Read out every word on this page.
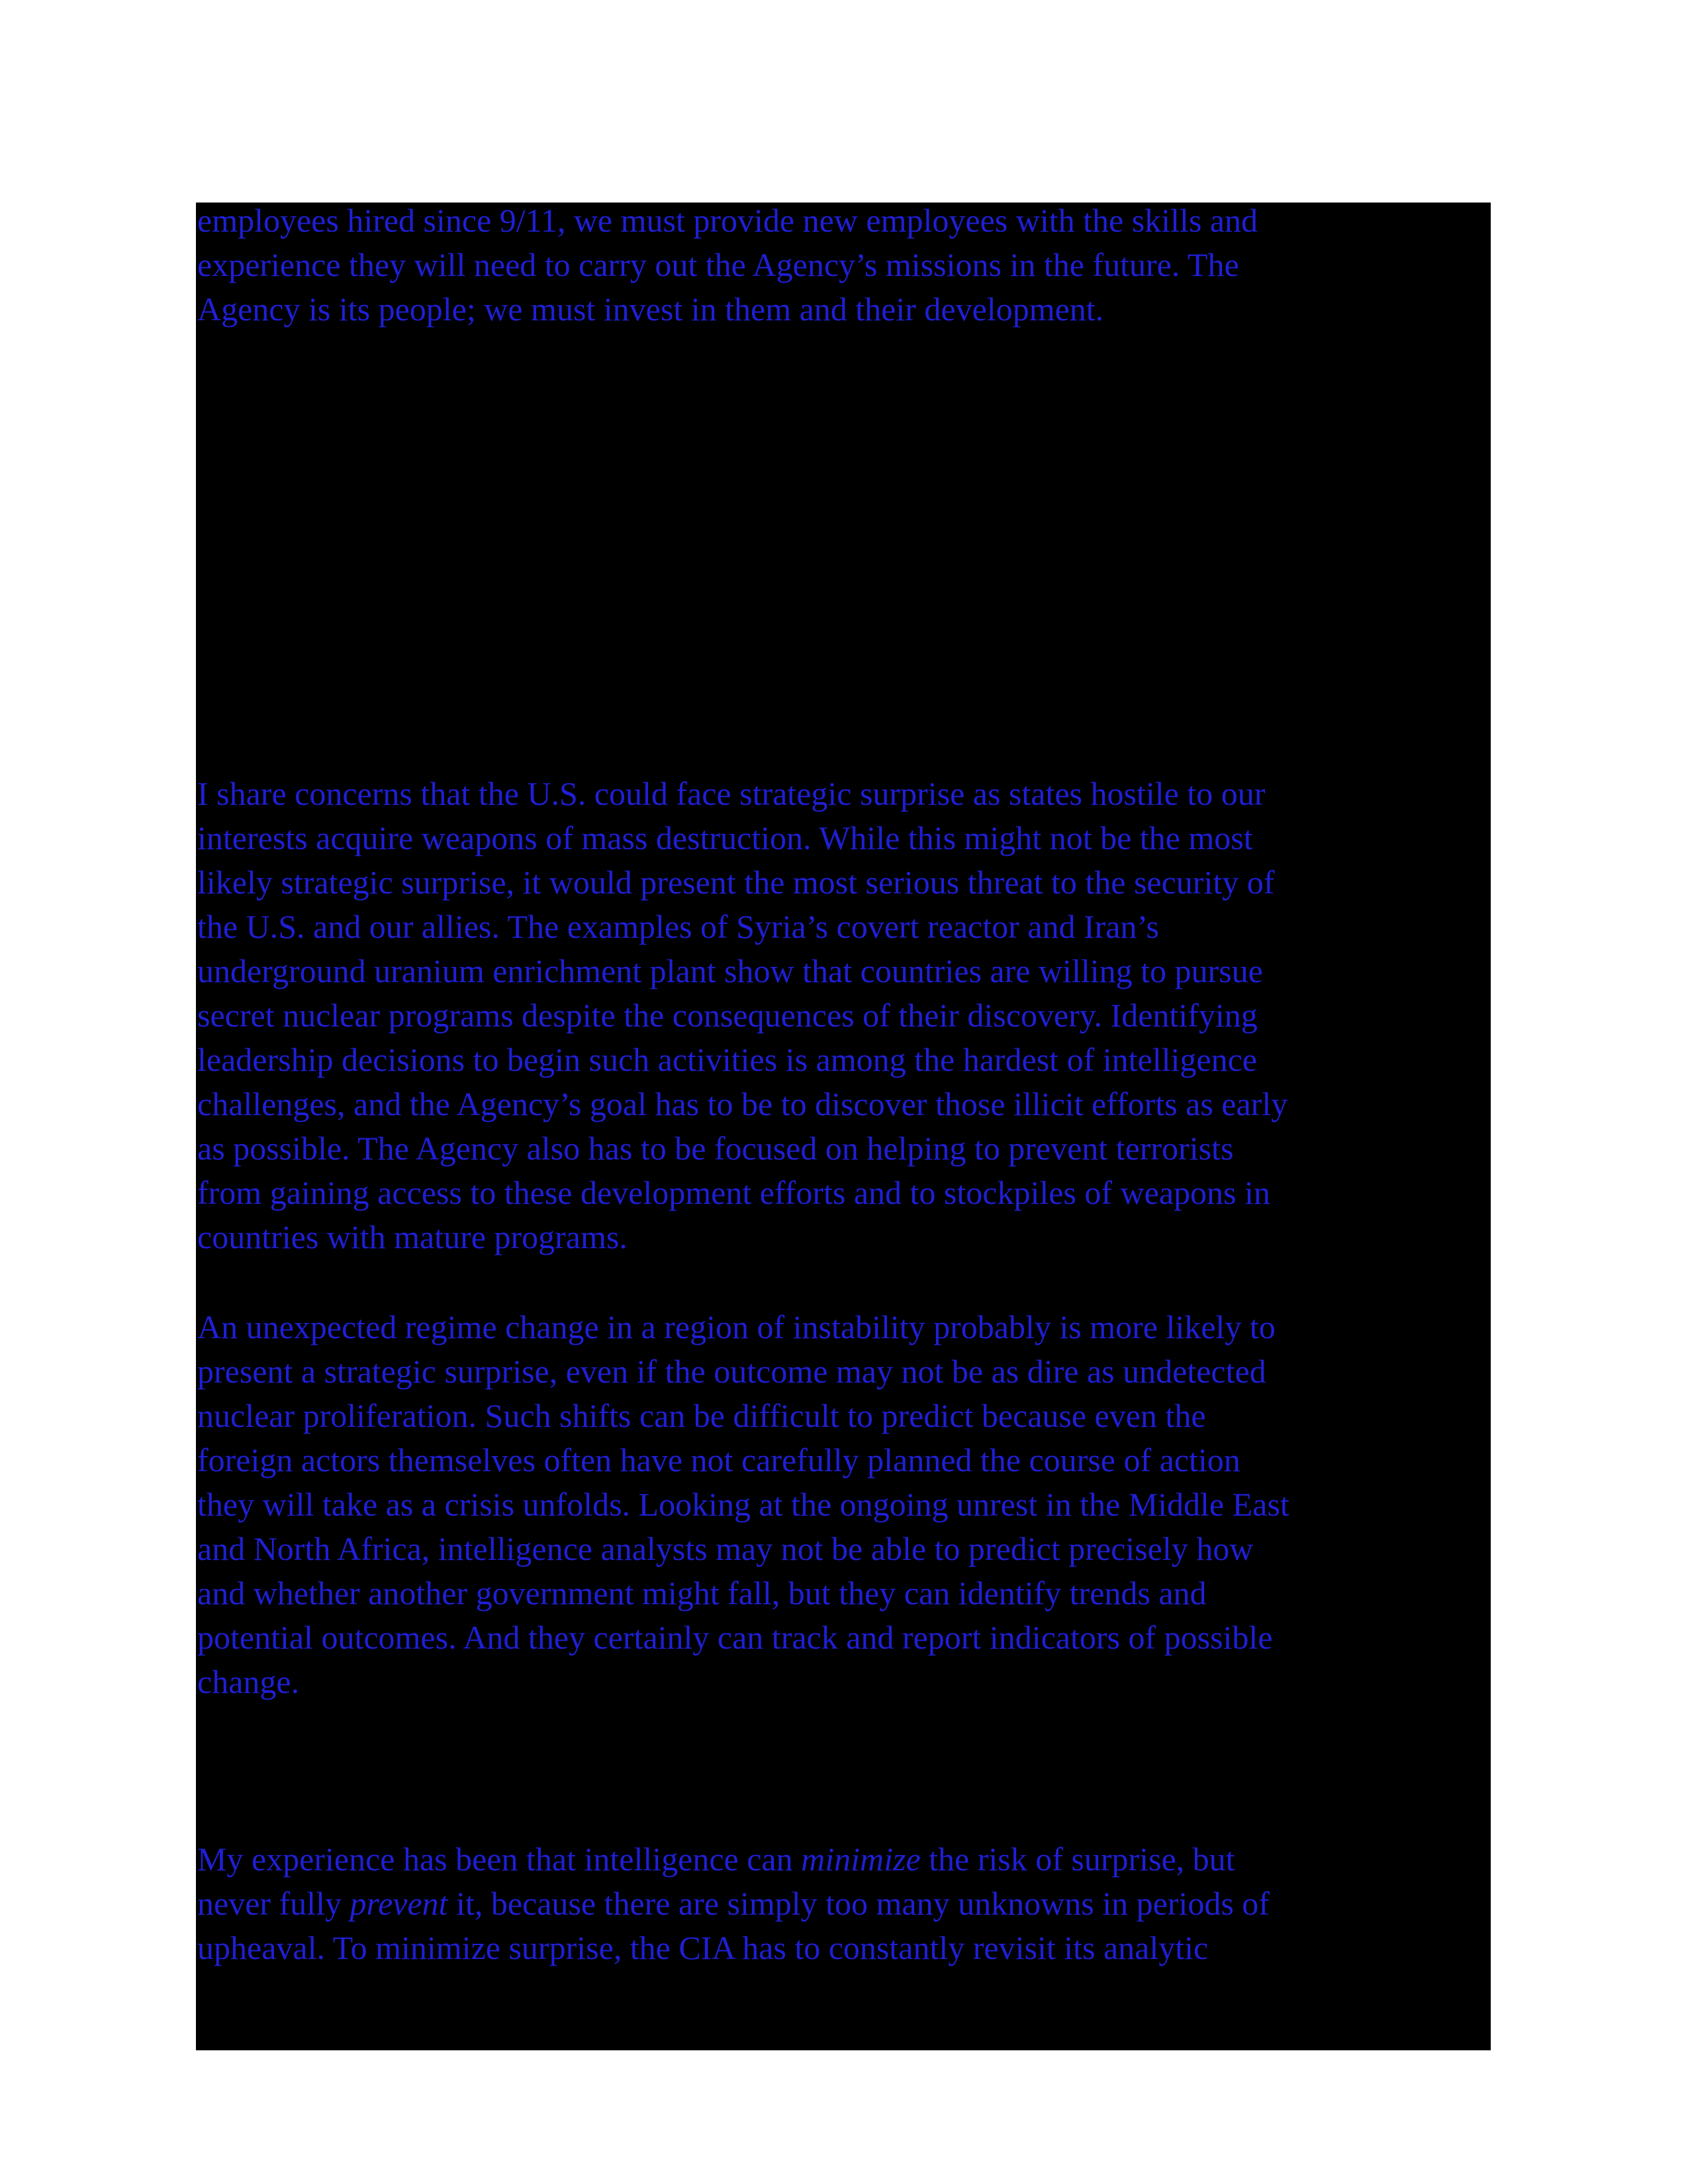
employees hired since 9/11, we must provide new employees with the skills and
experience they will need to carry out the Agency’s missions in the future. The
Agency is its people; we must invest in them and their development.
I share concerns that the U.S. could face strategic surprise as states hostile to our
interests acquire weapons of mass destruction. While this might not be the most
likely strategic surprise, it would present the most serious threat to the security of
the U.S. and our allies. The examples of Syria’s covert reactor and Iran’s
underground uranium enrichment plant show that countries are willing to pursue
secret nuclear programs despite the consequences of their discovery. Identifying
leadership decisions to begin such activities is among the hardest of intelligence
challenges, and the Agency’s goal has to be to discover those illicit efforts as early
as possible. The Agency also has to be focused on helping to prevent terrorists
from gaining access to these development efforts and to stockpiles of weapons in
countries with mature programs.
An unexpected regime change in a region of instability probably is more likely to
present a strategic surprise, even if the outcome may not be as dire as undetected
nuclear proliferation. Such shifts can be difficult to predict because even the
foreign actors themselves often have not carefully planned the course of action
they will take as a crisis unfolds. Looking at the ongoing unrest in the Middle East
and North Africa, intelligence analysts may not be able to predict precisely how
and whether another government might fall, but they can identify trends and
potential outcomes. And they certainly can track and report indicators of possible
change.
My experience has been that intelligence can minimize the risk of surprise, but
never fully prevent it, because there are simply too many unknowns in periods of
upheaval. To minimize surprise, the CIA has to constantly revisit its analytic
